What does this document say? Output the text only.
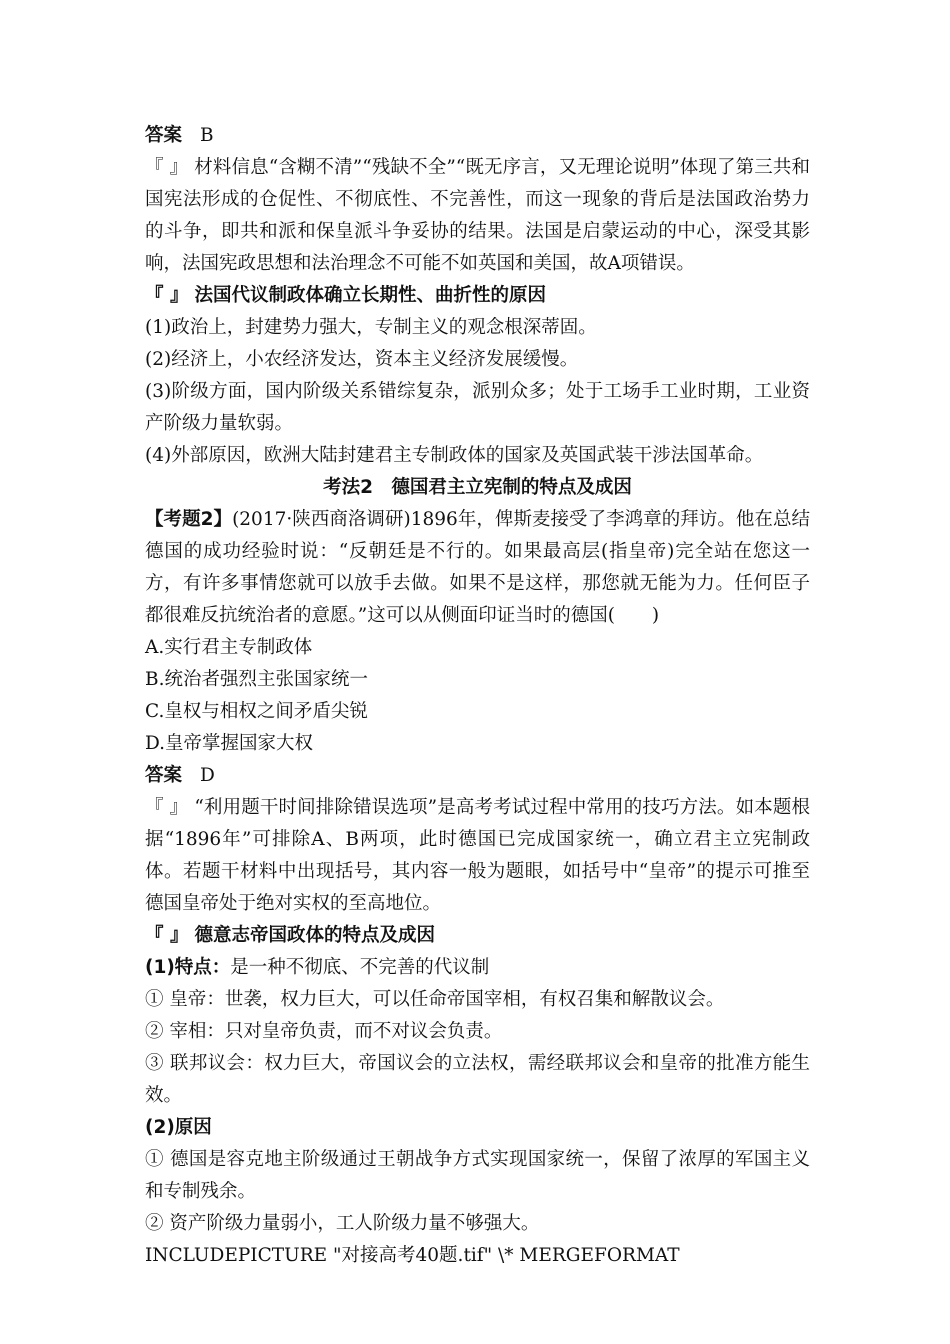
答案 B

『 』 材料信息“含糊不清”“残缺不全”“既无序言，又无理论说明”体现了第三共和国宪法形成的仓促性、不彻底性、不完善性，而这一现象的背后是法国政治势力的斗争，即共和派和保皇派斗争妥协的结果。法国是启蒙运动的中心，深受其影响，法国宪政思想和法治理念不可能不如英国和美国，故A项错误。

『 』 法国代议制政体确立长期性、曲折性的原因

(1)政治上，封建势力强大，专制主义的观念根深蒂固。

(2)经济上，小农经济发达，资本主义经济发展缓慢。

(3)阶级方面，国内阶级关系错综复杂，派别众多；处于工场手工业时期，工业资产阶级力量软弱。

(4)外部原因，欧洲大陆封建君主专制政体的国家及英国武装干涉法国革命。

考法2　德国君主立宪制的特点及成因

【考题2】(2017·陕西商洛调研)1896年，俾斯麦接受了李鸿章的拜访。他在总结德国的成功经验时说：“反朝廷是不行的。如果最高层(指皇帝)完全站在您这一方，有许多事情您就可以放手去做。如果不是这样，那您就无能为力。任何臣子都很难反抗统治者的意愿。”这可以从侧面印证当时的德国(　　)

A.实行君主专制政体

B.统治者强烈主张国家统一

C.皇权与相权之间矛盾尖锐

D.皇帝掌握国家大权

答案 D

『 』 “利用题干时间排除错误选项”是高考考试过程中常用的技巧方法。如本题根据“1896年”可排除A、B两项，此时德国已完成国家统一，确立君主立宪制政体。若题干材料中出现括号，其内容一般为题眼，如括号中“皇帝”的提示可推至德国皇帝处于绝对实权的至高地位。

『 』 德意志帝国政体的特点及成因

(1)特点：是一种不彻底、不完善的代议制

① 皇帝：世袭，权力巨大，可以任命帝国宰相，有权召集和解散议会。

② 宰相：只对皇帝负责，而不对议会负责。

③ 联邦议会：权力巨大，帝国议会的立法权，需经联邦议会和皇帝的批准方能生效。

(2)原因

① 德国是容克地主阶级通过王朝战争方式实现国家统一，保留了浓厚的军国主义和专制残余。

② 资产阶级力量弱小，工人阶级力量不够强大。

INCLUDEPICTURE "对接高考40题.tif" \* MERGEFORMAT
